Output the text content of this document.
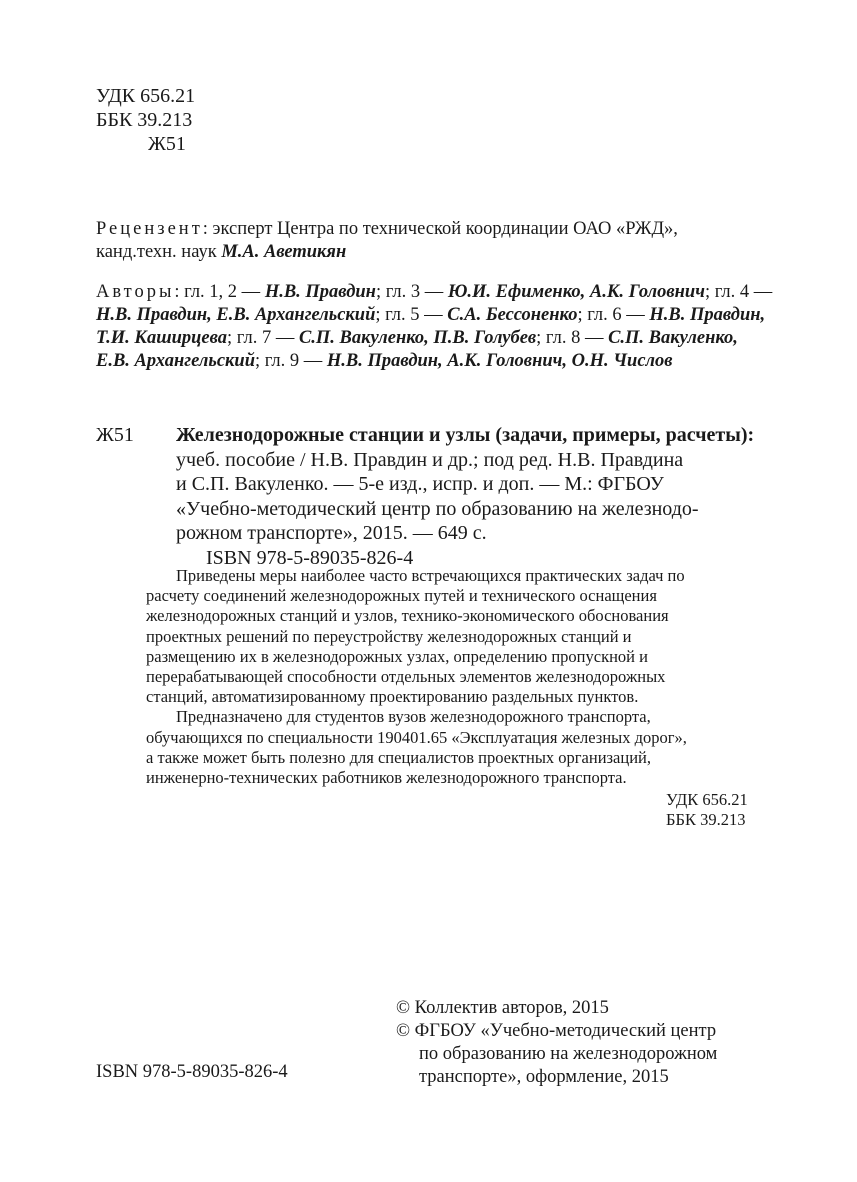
УДК 656.21
ББК 39.213
Ж51
Рецензент: эксперт Центра по технической координации ОАО «РЖД»,
канд.техн. наук М.А. Аветикян
Авторы: гл. 1, 2 — Н.В. Правдин; гл. 3 — Ю.И. Ефименко, А.К. Головнич; гл. 4 —
Н.В. Правдин, Е.В. Архангельский; гл. 5 — С.А. Бессоненко; гл. 6 — Н.В. Правдин,
Т.И. Каширцева; гл. 7 — С.П. Вакуленко, П.В. Голубев; гл. 8 — С.П. Вакуленко,
Е.В. Архангельский; гл. 9 — Н.В. Правдин, А.К. Головнич, О.Н. Числов
Ж51 Железнодорожные станции и узлы (задачи, примеры, расчеты):
учеб. пособие / Н.В. Правдин и др.; под ред. Н.В. Правдина
и С.П. Вакуленко. — 5-е изд., испр. и доп. — М.: ФГБОУ
«Учебно-методический центр по образованию на железнодо-
рожном транспорте», 2015. — 649 с.
ISBN 978-5-89035-826-4
Приведены меры наиболее часто встречающихся практических задач по
расчету соединений железнодорожных путей и технического оснащения
железнодорожных станций и узлов, технико-экономического обоснования
проектных решений по переустройству железнодорожных станций и
размещению их в железнодорожных узлах, определению пропускной и
перерабатывающей способности отдельных элементов железнодорожных
станций, автоматизированному проектированию раздельных пунктов.
Предназначено для студентов вузов железнодорожного транспорта,
обучающихся по специальности 190401.65 «Эксплуатация железных дорог»,
а также может быть полезно для специалистов проектных организаций,
инженерно-технических работников железнодорожного транспорта.
УДК 656.21
ББК 39.213
© Коллектив авторов, 2015
© ФГБОУ «Учебно-методический центр
по образованию на железнодорожном
транспорте», оформление, 2015
ISBN 978-5-89035-826-4
